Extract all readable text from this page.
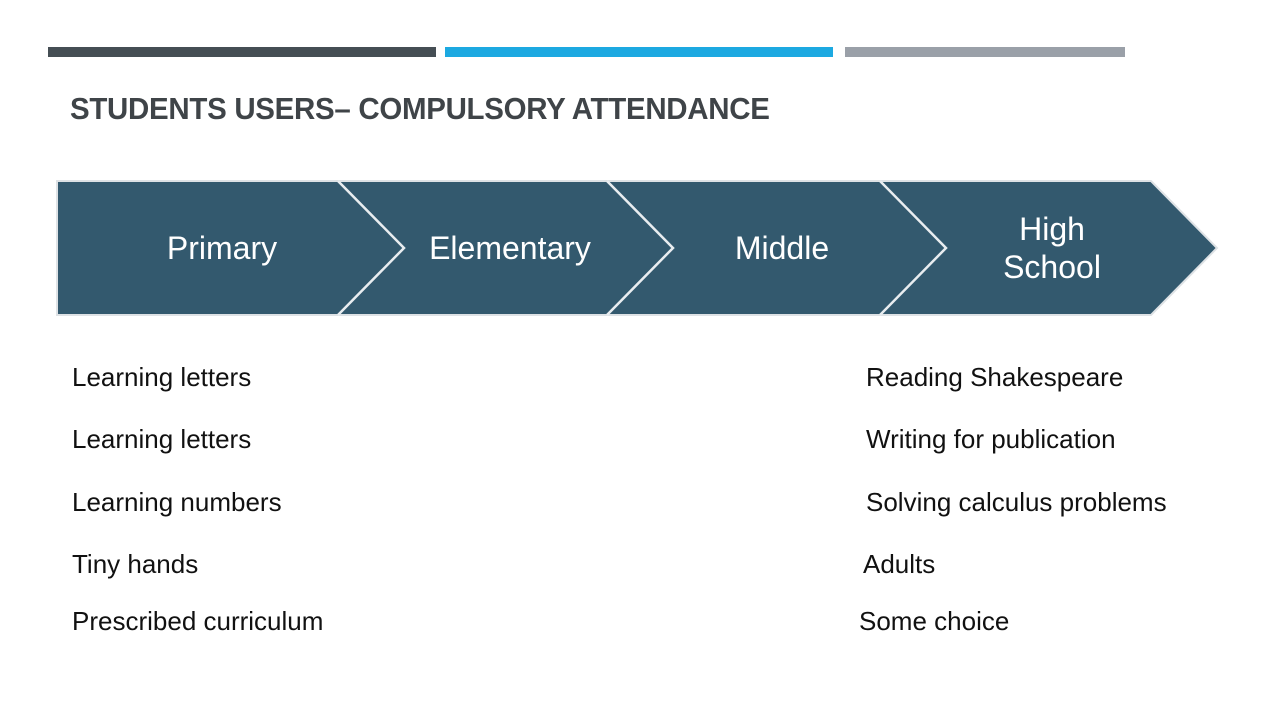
STUDENTS USERS– COMPULSORY ATTENDANCE
Primary	Elementary	Middle
High School
Learning letters
Learning letters
Learning numbers
Tiny hands
Prescribed curriculum
Reading Shakespeare
Writing for publication
Solving calculus problems
Adults
Some choice
